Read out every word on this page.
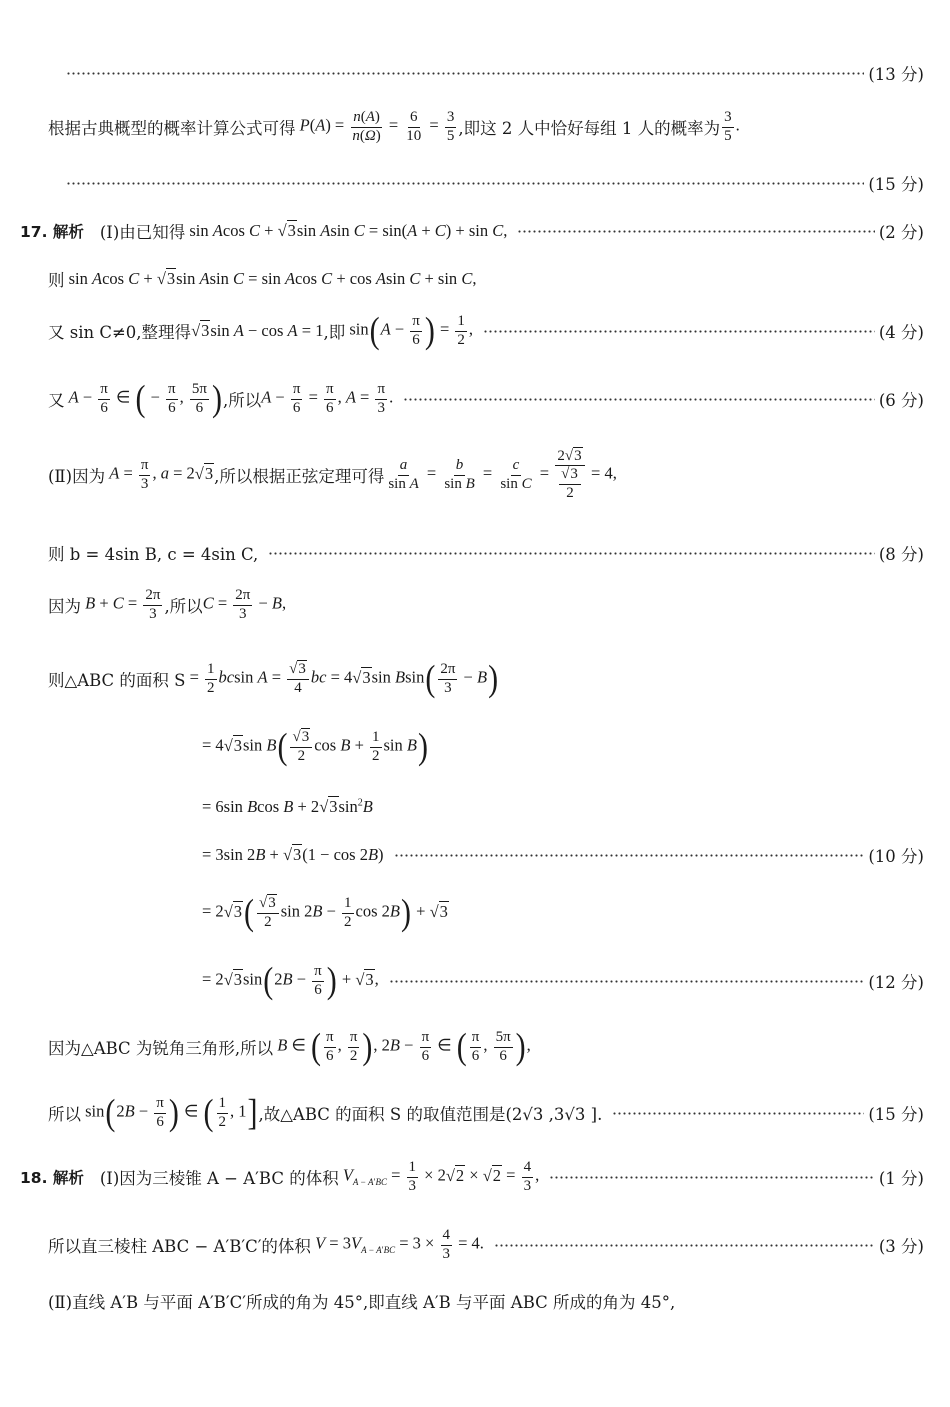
(13 分)
根据古典概型的概率计算公式可得 $P(A) = \frac{n(A)}{n(\Omega)} = \frac{6}{10} = \frac{3}{5}$ ,即这 2 人中恰好每组 1 人的概率为 $\frac{3}{5}$ .
(15 分)
17. 解析 (Ⅰ)由已知得 sin Acos C + √ 3sin Asin C = sin(A + C) + sin C,	(2 分)
则 sin Acos C + √ 3sin Asin C = sin Acos C + cos Asin C + sin C,
又 sin C≠0,整理得
√ 3sin A − cos A = 1 ,即 $\sin(A - \frac{\pi}{6}$ ) = $\frac{1}{2}$ ,	(4 分)
又 $A - \frac{\pi}{6}$ ∈ ( − $\frac{\pi}{6}$ , $\frac{5\pi}{6}$ ) ,所以 $A - \frac{\pi}{6} = \frac{\pi}{6}$ , $A = \frac{\pi}{3}$ .	(6 分)
(Ⅱ)因为 $A = \frac{\pi}{3}$ , a = 2√ 3 ,所以根据正弦定理可得 $\frac{a}{\text{sin A}} = \frac{b}{\text{sin B}} = \frac{c}{\text{sin C}} = 2√$ 3
√ $\frac{3}{2} = 4$,
则 b = 4sin B, c = 4sin C,	(8 分)
因为 $B + C = \frac{2\pi}{3}$ ,所以 $C = \frac{2\pi}{3} - B$,
则△ABC 的面积 $S = \frac{1}{2}$ bcsin A =
√ $\frac{3}{4}$ bc = 4√ 3sin $Bsin( \frac{2\pi}{3} - B)$
= 4√ 3sin B(
√ $\frac{3}{2}$ $\cos B + \frac{1}{2}$ sin B)
= 6sin Bcos B + 2√ $3\sin^2B$
= 3sin 2B + √ 3(1 − cos 2B)	(10 分)
= 2√ 3(
√ $\frac{3}{2}$ $\sin 2B - \frac{1}{2}$ cos 2B) + √ 3
= 2√ $3\sin(2B - \frac{\pi}{6}$ ) + √ 3,	(12 分)
因为△ABC 为锐角三角形,所以 B ∈ ( $\frac{\pi}{6}$ , $\frac{\pi}{2}$ ), $2B - \frac{\pi}{6}$ ∈ ( $\frac{\pi}{6}$ , $\frac{5\pi}{6}$ ),
所以 $\sin(2B - \frac{\pi}{6}$ ) ∈ ( $\frac{1}{2}$ , 1] ,故△ABC 的面积 S 的取值范围是(2√3 ,3√3 ].	(15 分)
18. 解析 (Ⅰ)因为三棱锥 A − A′BC 的体积 $V_{A - A'BC} = \frac{1}{3} \times 2√$ 2 × √ $2 = \frac{4}{3}$ ,	(1 分)
所以直三棱柱 ABC − A′B′C′的体积 $V = 3V_{A - A'BC} = 3 \times \frac{4}{3} = 4$.	(3 分)
(Ⅱ)直线 A′B 与平面 A′B′C′所成的角为 45°,即直线 A′B 与平面 ABC 所成的角为 45°,
